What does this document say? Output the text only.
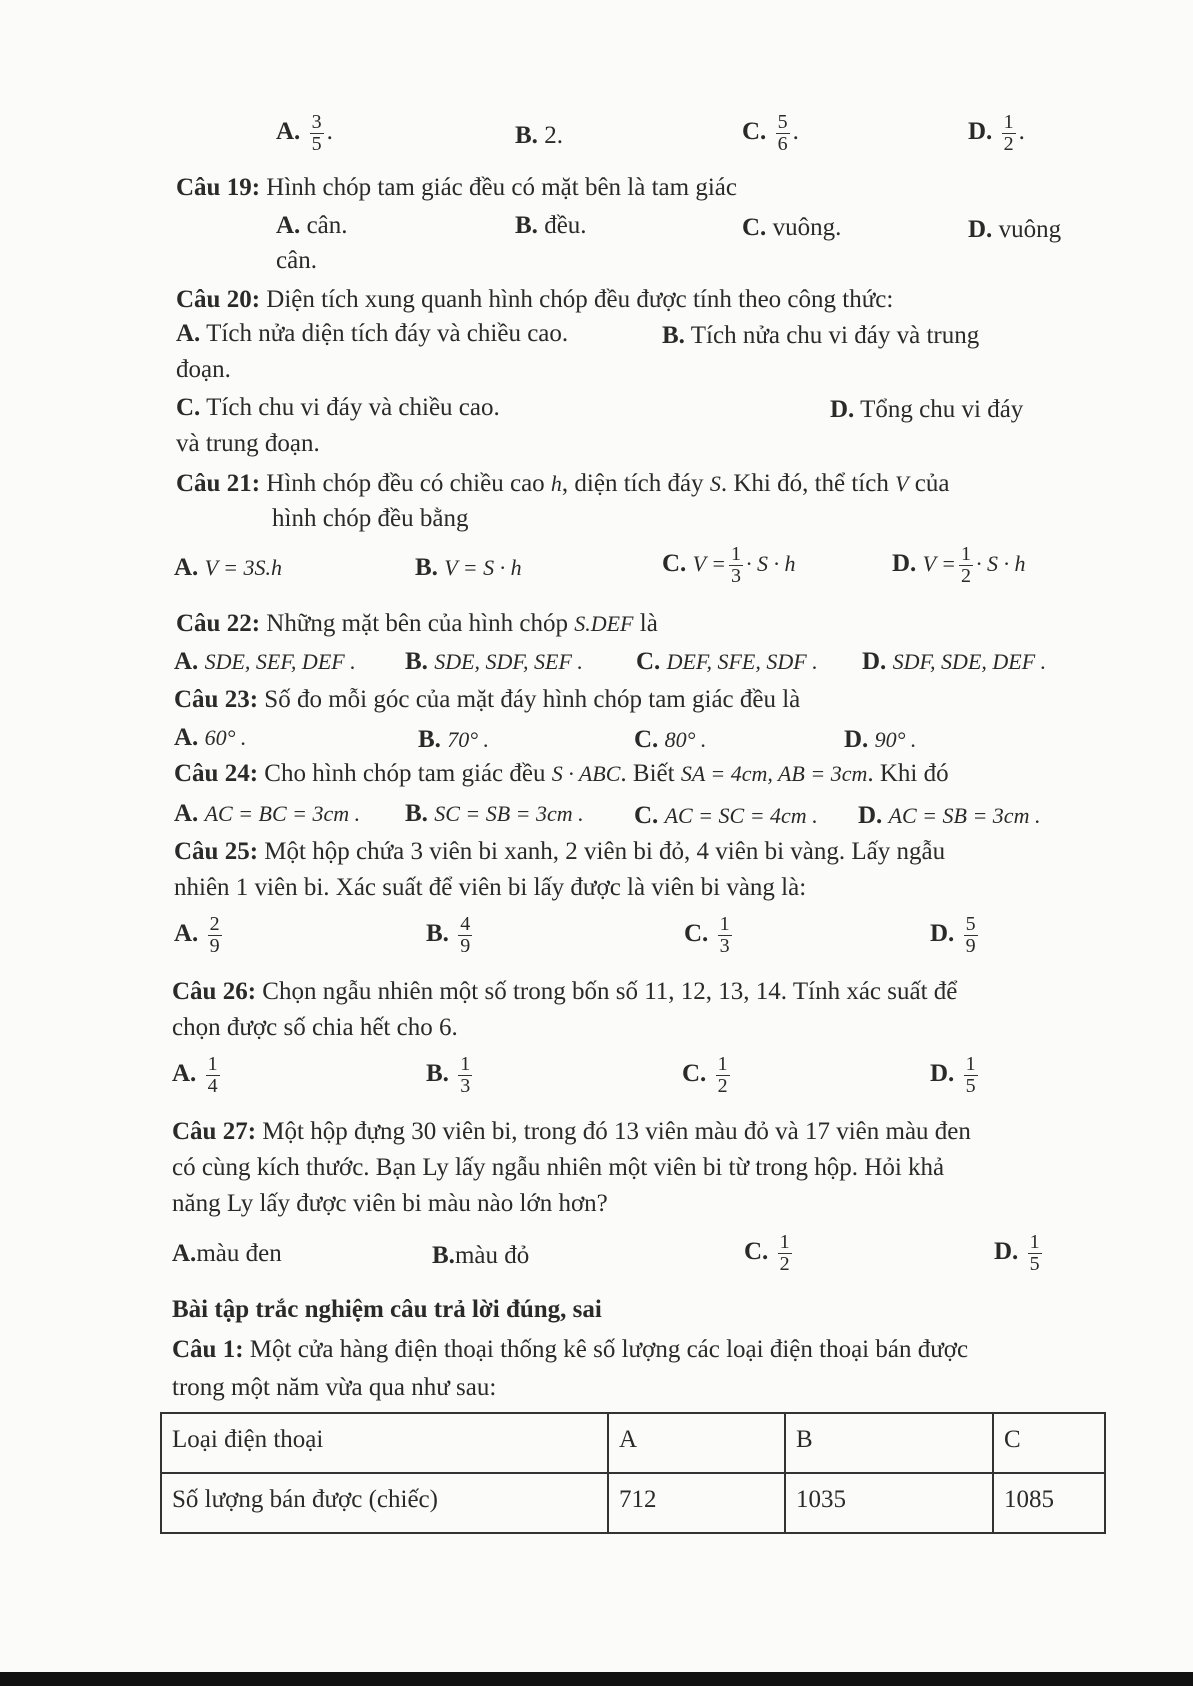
A. $\frac{3}{5}$ .	B. 2.	C. $\frac{5}{6}$ .	D. $\frac{1}{2}$ .
Câu 19: Hình chóp tam giác đều có mặt bên là tam giác
A. cân.	B. đều.	C. vuông.	D. vuông
cân.
Câu 20: Diện tích xung quanh hình chóp đều được tính theo công thức:
A. Tích nửa diện tích đáy và chiều cao.	B. Tích nửa chu vi đáy và trung
đoạn.
C. Tích chu vi đáy và chiều cao.	D. Tổng chu vi đáy
và trung đoạn.
Câu 21: Hình chóp đều có chiều cao h, diện tích đáy S. Khi đó, thể tích V của
hình chóp đều bằng
A. V = 3S.h	B. V = S · h	C. $V = \frac{1}{3} \cdot S \cdot h$	D. $V = \frac{1}{2} \cdot S \cdot h$
Câu 22: Những mặt bên của hình chóp S.DEF là
A. SDE, SEF, DEF . B. SDE, SDF, SEF . C. DEF, SFE, SDF . D. SDF, SDE, DEF .
Câu 23: Số đo mỗi góc của mặt đáy hình chóp tam giác đều là
A. 60° .	B. 70° .	C. 80° .	D. 90° .
Câu 24: Cho hình chóp tam giác đều S · ABC. Biết SA = 4cm, AB = 3cm. Khi đó
A. AC = BC = 3cm . B. SC = SB = 3cm . C. AC = SC = 4cm . D. AC = SB = 3cm .
Câu 25: Một hộp chứa 3 viên bi xanh, 2 viên bi đỏ, 4 viên bi vàng. Lấy ngẫu
nhiên 1 viên bi. Xác suất để viên bi lấy được là viên bi vàng là:
A. $\frac{2}{9}$	B. $\frac{4}{9}$	C. $\frac{1}{3}$	D. $\frac{5}{9}$
Câu 26: Chọn ngẫu nhiên một số trong bốn số 11, 12, 13, 14. Tính xác suất để
chọn được số chia hết cho 6.
A. $\frac{1}{4}$	B. $\frac{1}{3}$	C. $\frac{1}{2}$	D. $\frac{1}{5}$
Câu 27: Một hộp đựng 30 viên bi, trong đó 13 viên màu đỏ và 17 viên màu đen
có cùng kích thước. Bạn Ly lấy ngẫu nhiên một viên bi từ trong hộp. Hỏi khả
năng Ly lấy được viên bi màu nào lớn hơn?
A.màu đen	B.màu đỏ	C. $\frac{1}{2}$	D. $\frac{1}{5}$
Bài tập trắc nghiệm câu trả lời đúng, sai
Câu 1: Một cửa hàng điện thoại thống kê số lượng các loại điện thoại bán được
trong một năm vừa qua như sau:
Loại điện thoại	A	B	C
Số lượng bán được (chiếc)	712	1035	1085
